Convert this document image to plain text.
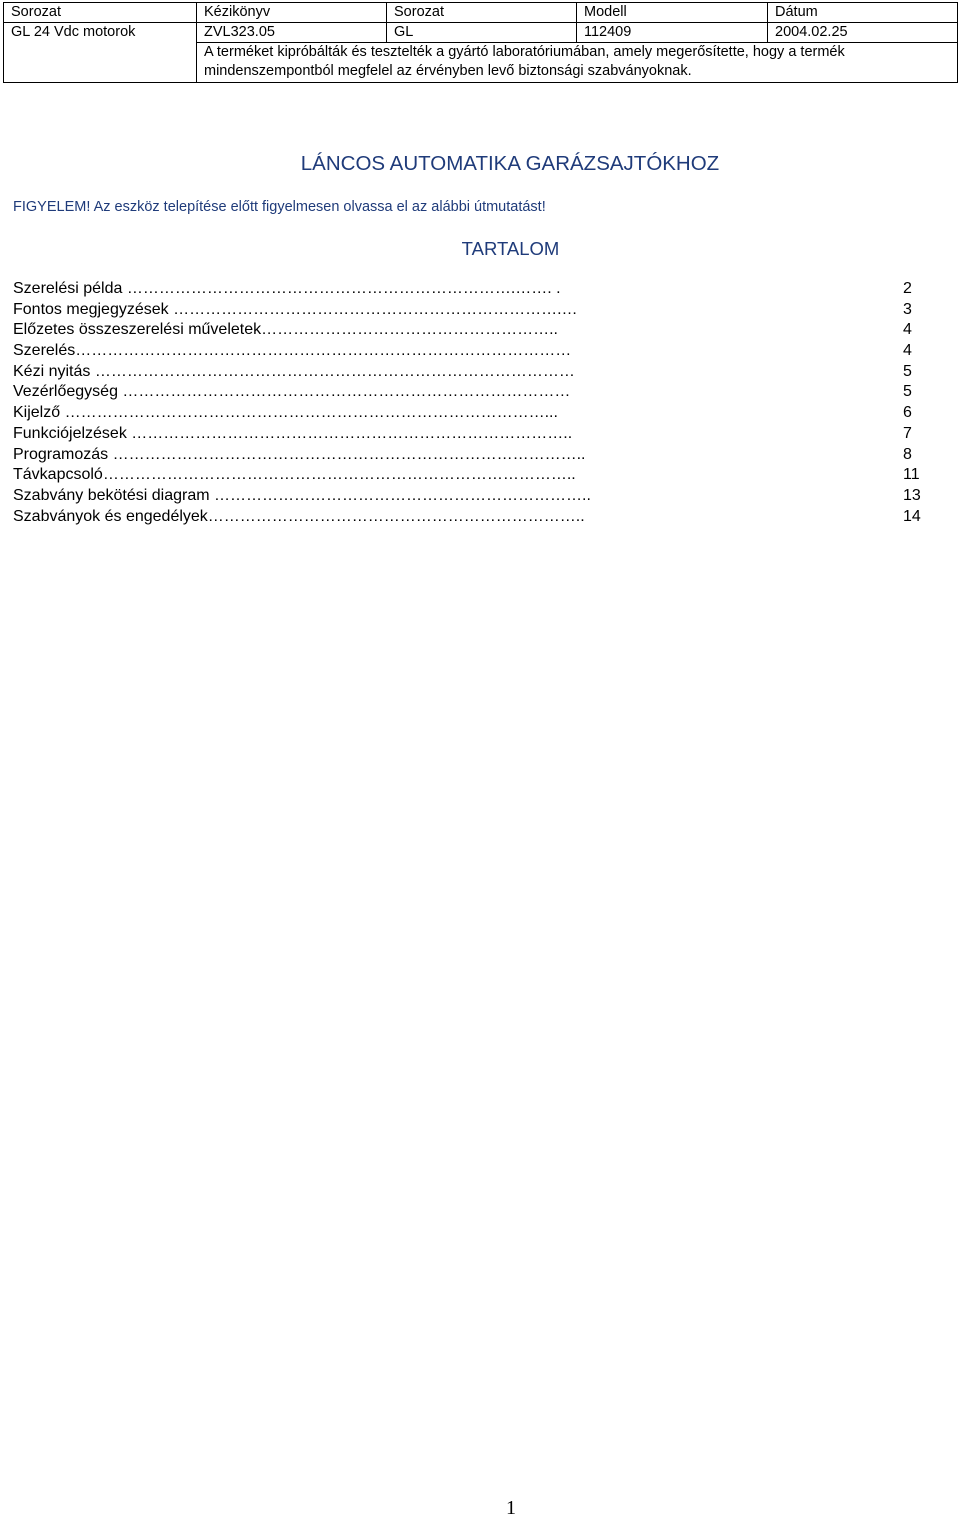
Sorozat	Kézikönyv	Sorozat	Modell	Dátum
GL 24 Vdc motorok	ZVL323.05	GL	112409	2004.02.25
	A terméket kipróbálták és tesztelték a gyártó laboratóriumában, amely megerősítette, hogy a termék mindenszempontból megfelel az érvényben levő biztonsági szabványoknak.			
LÁNCOS AUTOMATIKA GARÁZSAJTÓKHOZ
FIGYELEM! Az eszköz telepítése előtt figyelmesen olvassa el az alábbi útmutatást!
TARTALOM
Szerelési példa ……………………………………………………………….……. .	2
Fontos megjegyzések ……………………………………………………………….…	3
Előzetes összeszerelési műveletek………………………………………………..	4
Szerelés…………………………………………………………………………………	4
Kézi nyitás ………………………………………………………………………………	5
Vezérlőegység …………………………………………………………………………	5
Kijelző ………………………………………………………………………………...	6
Funkciójelzések ………………………………………………………………………..	7
Programozás ……………………………………………………………………………..	8
Távkapcsoló……………………………………………………………………………..	11
Szabvány bekötési diagram ……………………………………………………………..	13
Szabványok és engedélyek……………………………………………………………..	14
1
